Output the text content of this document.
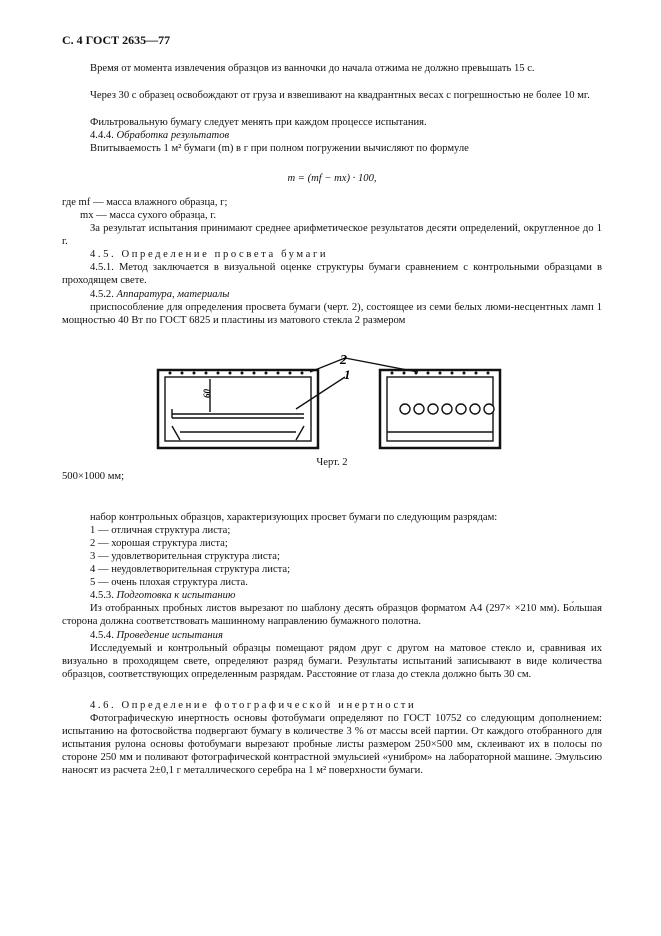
С. 4 ГОСТ 2635—77
Время от момента извлечения образцов из ванночки до начала отжима не должно превышать 15 с.
Через 30 с образец освобождают от груза и взвешивают на квадрантных весах с погрешностью не более 10 мг.
Фильтровальную бумагу следует менять при каждом процессе испытания.
4.4.4. Обработка результатов
Впитываемость 1 м² бумаги (m) в г при полном погружении вычисляют по формуле
m = (mf − mx) · 100,
где mf — масса влажного образца, г;
mx — масса сухого образца, г.
За результат испытания принимают среднее арифметическое результатов десяти определений, округленное до 1 г.
4.5. Определение просвета бумаги
4.5.1. Метод заключается в визуальной оценке структуры бумаги сравнением с контрольными образцами в проходящем свете.
4.5.2. Аппаратура, материалы
приспособление для определения просвета бумаги (черт. 2), состоящее из семи белых люми-несцентных ламп 1 мощностью 40 Вт по ГОСТ 6825 и пластины из матового стекла 2 размером
2
1
60
Черт. 2
500×1000 мм;
набор контрольных образцов, характеризующих просвет бумаги по следующим разрядам:
1 — отличная структура листа;
2 — хорошая структура листа;
3 — удовлетворительная структура листа;
4 — неудовлетворительная структура листа;
5 — очень плохая структура листа.
4.5.3. Подготовка к испытанию
Из отобранных пробных листов вырезают по шаблону десять образцов форматом A4 (297× ×210 мм). Бо́льшая сторона должна соответствовать машинному направлению бумажного полотна.
4.5.4. Проведение испытания
Исследуемый и контрольный образцы помещают рядом друг с другом на матовое стекло и, сравнивая их визуально в проходящем свете, определяют разряд бумаги. Результаты испытаний записывают в виде количества образцов, соответствующих определенным разрядам. Расстояние от глаза до стекла должно быть 30 см.
4.6. Определение фотографической инертности
Фотографическую инертность основы фотобумаги определяют по ГОСТ 10752 со следующим дополнением: испытанию на фотосвойства подвергают бумагу в количестве 3 % от массы всей партии. От каждого отобранного для испытания рулона основы фотобумаги вырезают пробные листы размером 250×500 мм, склеивают их в полосы по стороне 250 мм и поливают фотографической контрастной эмульсией «унибром» на лабораторной машине. Эмульсию наносят из расчета 2±0,1 г металлического серебра на 1 м² поверхности бумаги.
